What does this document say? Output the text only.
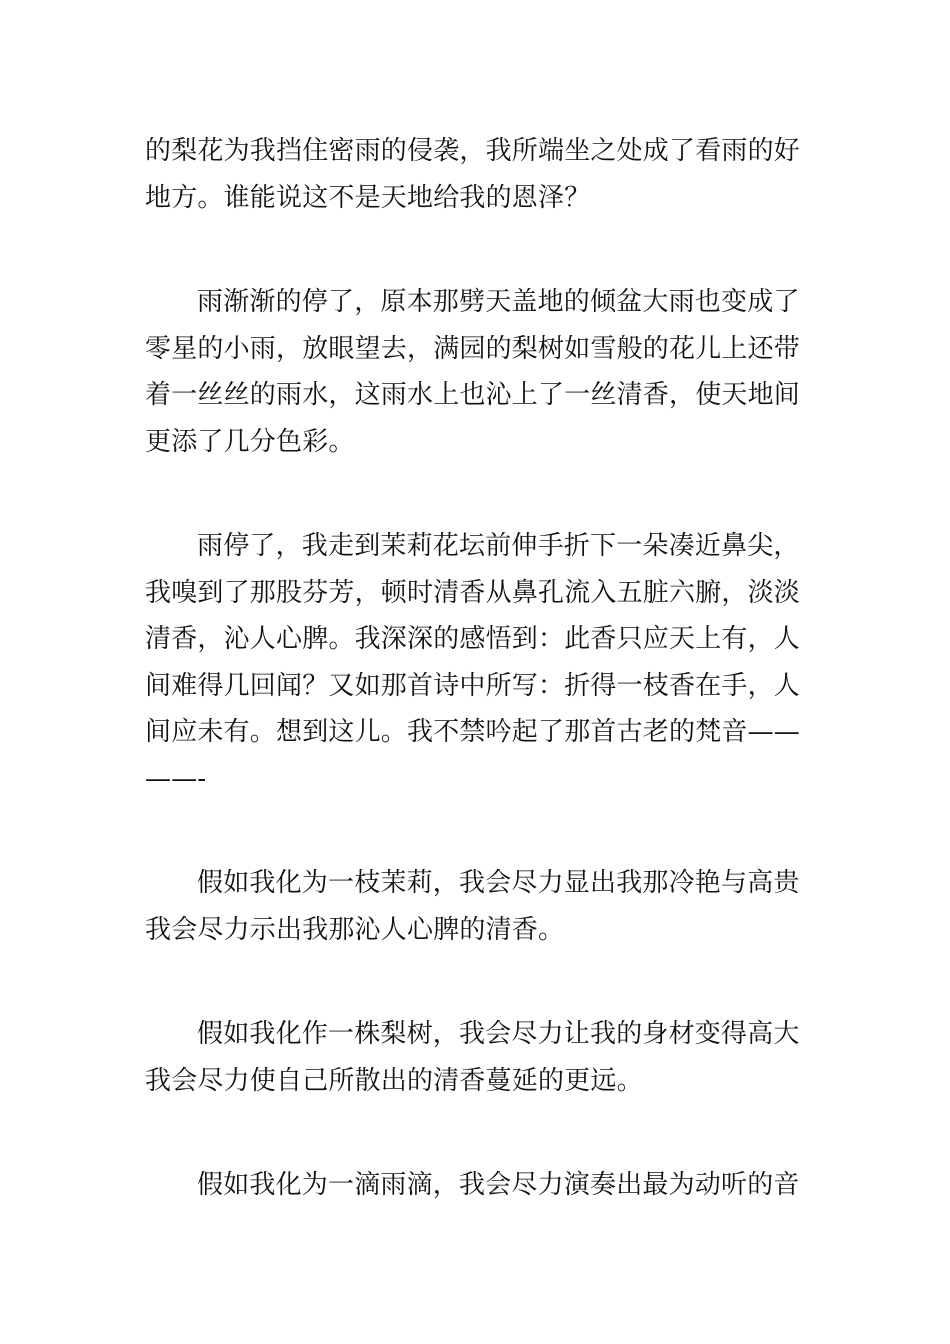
的梨花为我挡住密雨的侵袭，我所端坐之处成了看雨的好
地方。谁能说这不是天地给我的恩泽？
雨渐渐的停了，原本那劈天盖地的倾盆大雨也变成了
零星的小雨，放眼望去，满园的梨树如雪般的花儿上还带
着一丝丝的雨水，这雨水上也沁上了一丝清香，使天地间
更添了几分色彩。
雨停了，我走到茉莉花坛前伸手折下一朵凑近鼻尖，
我嗅到了那股芬芳，顿时清香从鼻孔流入五脏六腑，淡淡
清香，沁人心脾。我深深的感悟到：此香只应天上有，人
间难得几回闻？又如那首诗中所写：折得一枝香在手，人
间应未有。想到这儿。我不禁吟起了那首古老的梵音——
——-
假如我化为一枝茉莉，我会尽力显出我那冷艳与高贵
我会尽力示出我那沁人心脾的清香。
假如我化作一株梨树，我会尽力让我的身材变得高大
我会尽力使自己所散出的清香蔓延的更远。
假如我化为一滴雨滴，我会尽力演奏出最为动听的音
